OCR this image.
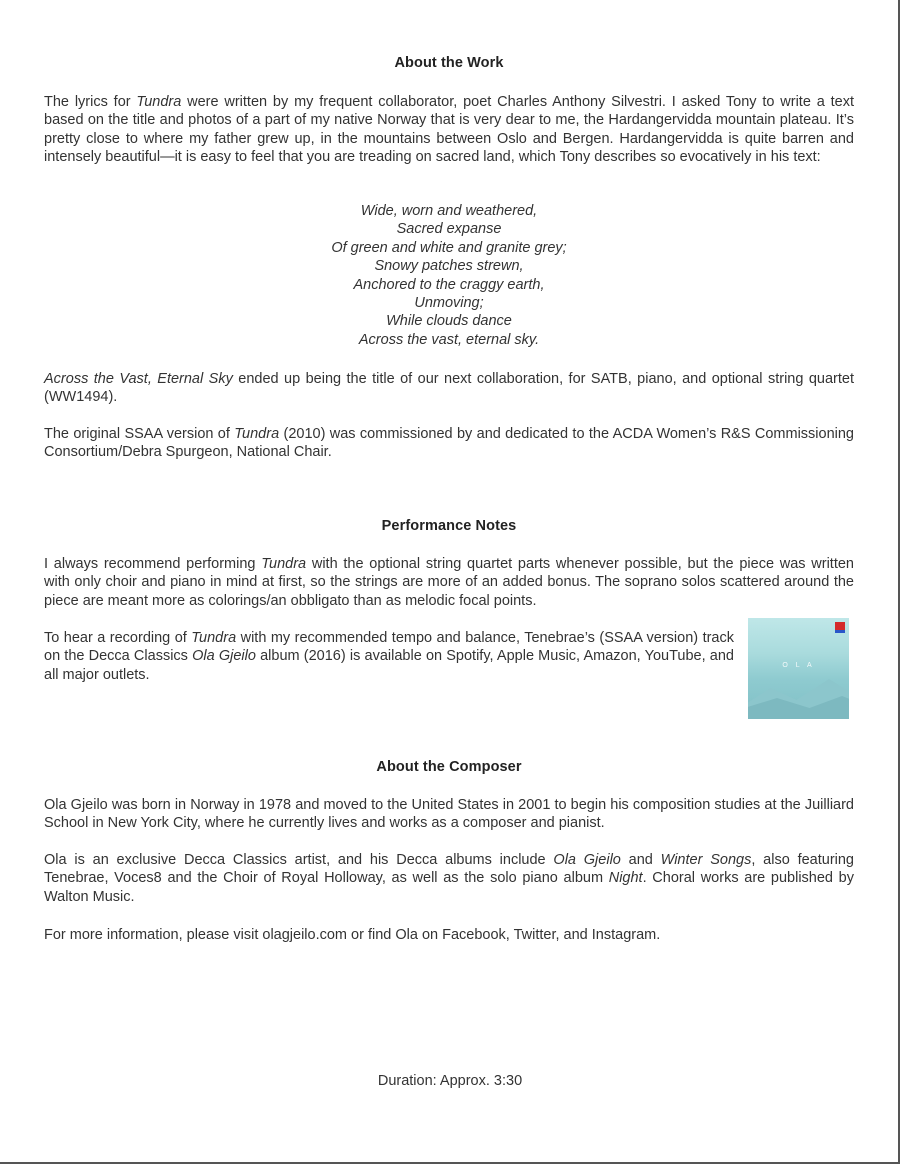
About the Work

The lyrics for Tundra were written by my frequent collaborator, poet Charles Anthony Silvestri. I asked Tony to write a text based on the title and photos of a part of my native Norway that is very dear to me, the Hardangervidda mountain plateau. It’s pretty close to where my father grew up, in the mountains between Oslo and Bergen. Hardangervidda is quite barren and intensely beautiful—it is easy to feel that you are treading on sacred land, which Tony describes so evocatively in his text:

Wide, worn and weathered,
Sacred expanse
Of green and white and granite grey;
Snowy patches strewn,
Anchored to the craggy earth,
Unmoving;
While clouds dance
Across the vast, eternal sky.

Across the Vast, Eternal Sky ended up being the title of our next collaboration, for SATB, piano, and optional string quartet (WW1494).

The original SSAA version of Tundra (2010) was commissioned by and dedicated to the ACDA Women’s R&S Commissioning Consortium/Debra Spurgeon, National Chair.

Performance Notes

I always recommend performing Tundra with the optional string quartet parts whenever possible, but the piece was written with only choir and piano in mind at first, so the strings are more of an added bonus. The soprano solos scattered around the piece are meant more as colorings/an obbligato than as melodic focal points.

To hear a recording of Tundra with my recommended tempo and balance, Tenebrae’s (SSAA version) track on the Decca Classics Ola Gjeilo album (2016) is available on Spotify, Apple Music, Amazon, YouTube, and all major outlets.

O L A
About the Composer

Ola Gjeilo was born in Norway in 1978 and moved to the United States in 2001 to begin his composition studies at the Juilliard School in New York City, where he currently lives and works as a composer and pianist.

Ola is an exclusive Decca Classics artist, and his Decca albums include Ola Gjeilo and Winter Songs, also featuring Tenebrae, Voces8 and the Choir of Royal Holloway, as well as the solo piano album Night. Choral works are published by Walton Music.

For more information, please visit olagjeilo.com or find Ola on Facebook, Twitter, and Instagram.

Duration: Approx. 3:30
